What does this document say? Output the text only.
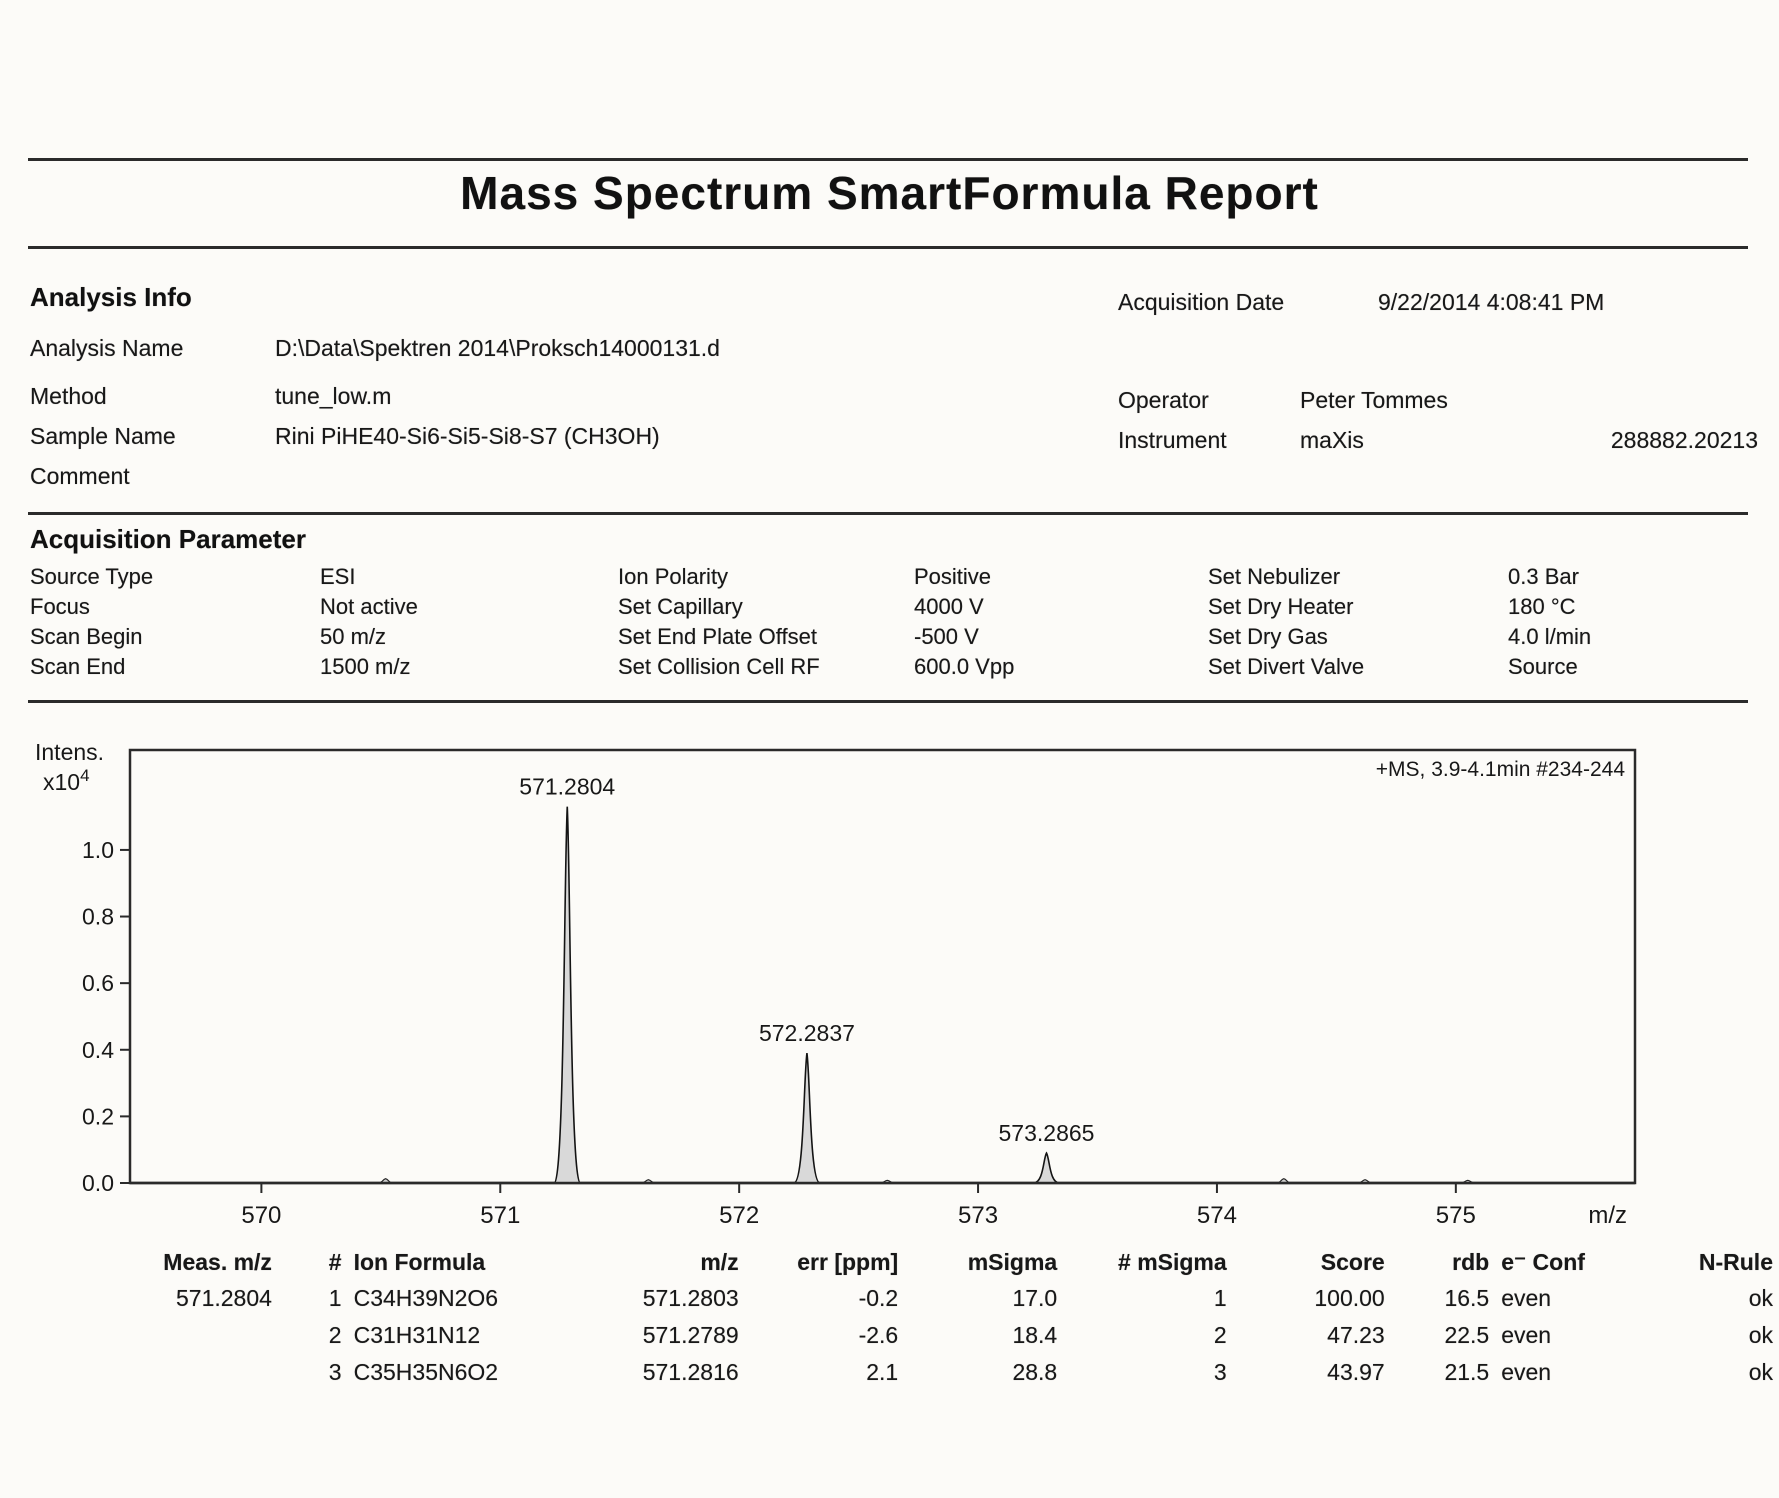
Mass Spectrum SmartFormula Report
Analysis Info
Analysis Name	D:\Data\Spektren 2014\Proksch14000131.d
Method	tune_low.m
Sample Name	Rini PiHE40-Si6-Si5-Si8-S7 (CH3OH)
Comment
Acquisition Date	9/22/2014 4:08:41 PM
Operator	Peter Tommes
Instrument	maXis	288882.20213
Acquisition Parameter
Source Type	ESI
Focus	Not active
Scan Begin	50 m/z
Scan End	1500 m/z
Ion Polarity	Positive
Set Capillary	4000 V
Set End Plate Offset	-500 V
Set Collision Cell RF	600.0 Vpp
Set Nebulizer	0.3 Bar
Set Dry Heater	180 °C
Set Dry Gas	4.0 l/min
Set Divert Valve	Source
0.0
0.2
0.4
0.6
0.8
1.0
570	571	572	573	574	575	m/z
Intens.
$x10^4$	+MS, 3.9-4.1min #234-244
571.2804
572.2837
573.2865
Meas. m/z	#	Ion Formula	m/z	err [ppm]	mSigma	# mSigma	Score	rdb	e⁻ Conf	N-Rule
571.2804	1	C34H39N2O6	571.2803	-0.2	17.0	1	100.00	16.5	even	ok
	2	C31H31N12	571.2789	-2.6	18.4	2	47.23	22.5	even	ok
	3	C35H35N6O2	571.2816	2.1	28.8	3	43.97	21.5	even	ok
